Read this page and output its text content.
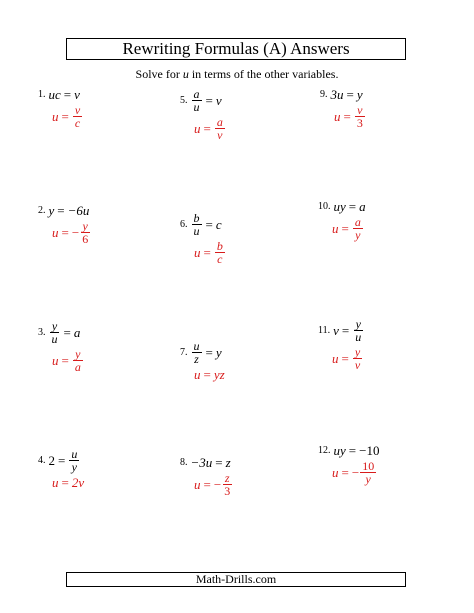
Rewriting Formulas (A) Answers
Solve for u in terms of the other variables.
1. uc = v
$u = \frac{v}{c}$
2. y = −6u
u = − $\frac{y}{6}$
3. $\frac{y}{u} = a$
$u = \frac{y}{a}$
4. $2 = \frac{u}{y}$
u = 2v
5. $\frac{a}{u} = v$
$u = \frac{a}{v}$
6. $\frac{b}{u} = c$
$u = \frac{b}{c}$
7. $\frac{u}{z} = y$
u = yz
8. −3u = z
u = − $\frac{z}{3}$
9. 3u = y
$u = \frac{v}{3}$
10. uy = a
$u = \frac{a}{y}$
11. $v = \frac{y}{u}$
$u = \frac{y}{v}$
12. uy = −10
u = − $\frac{10}{y}$
Math-Drills.com
